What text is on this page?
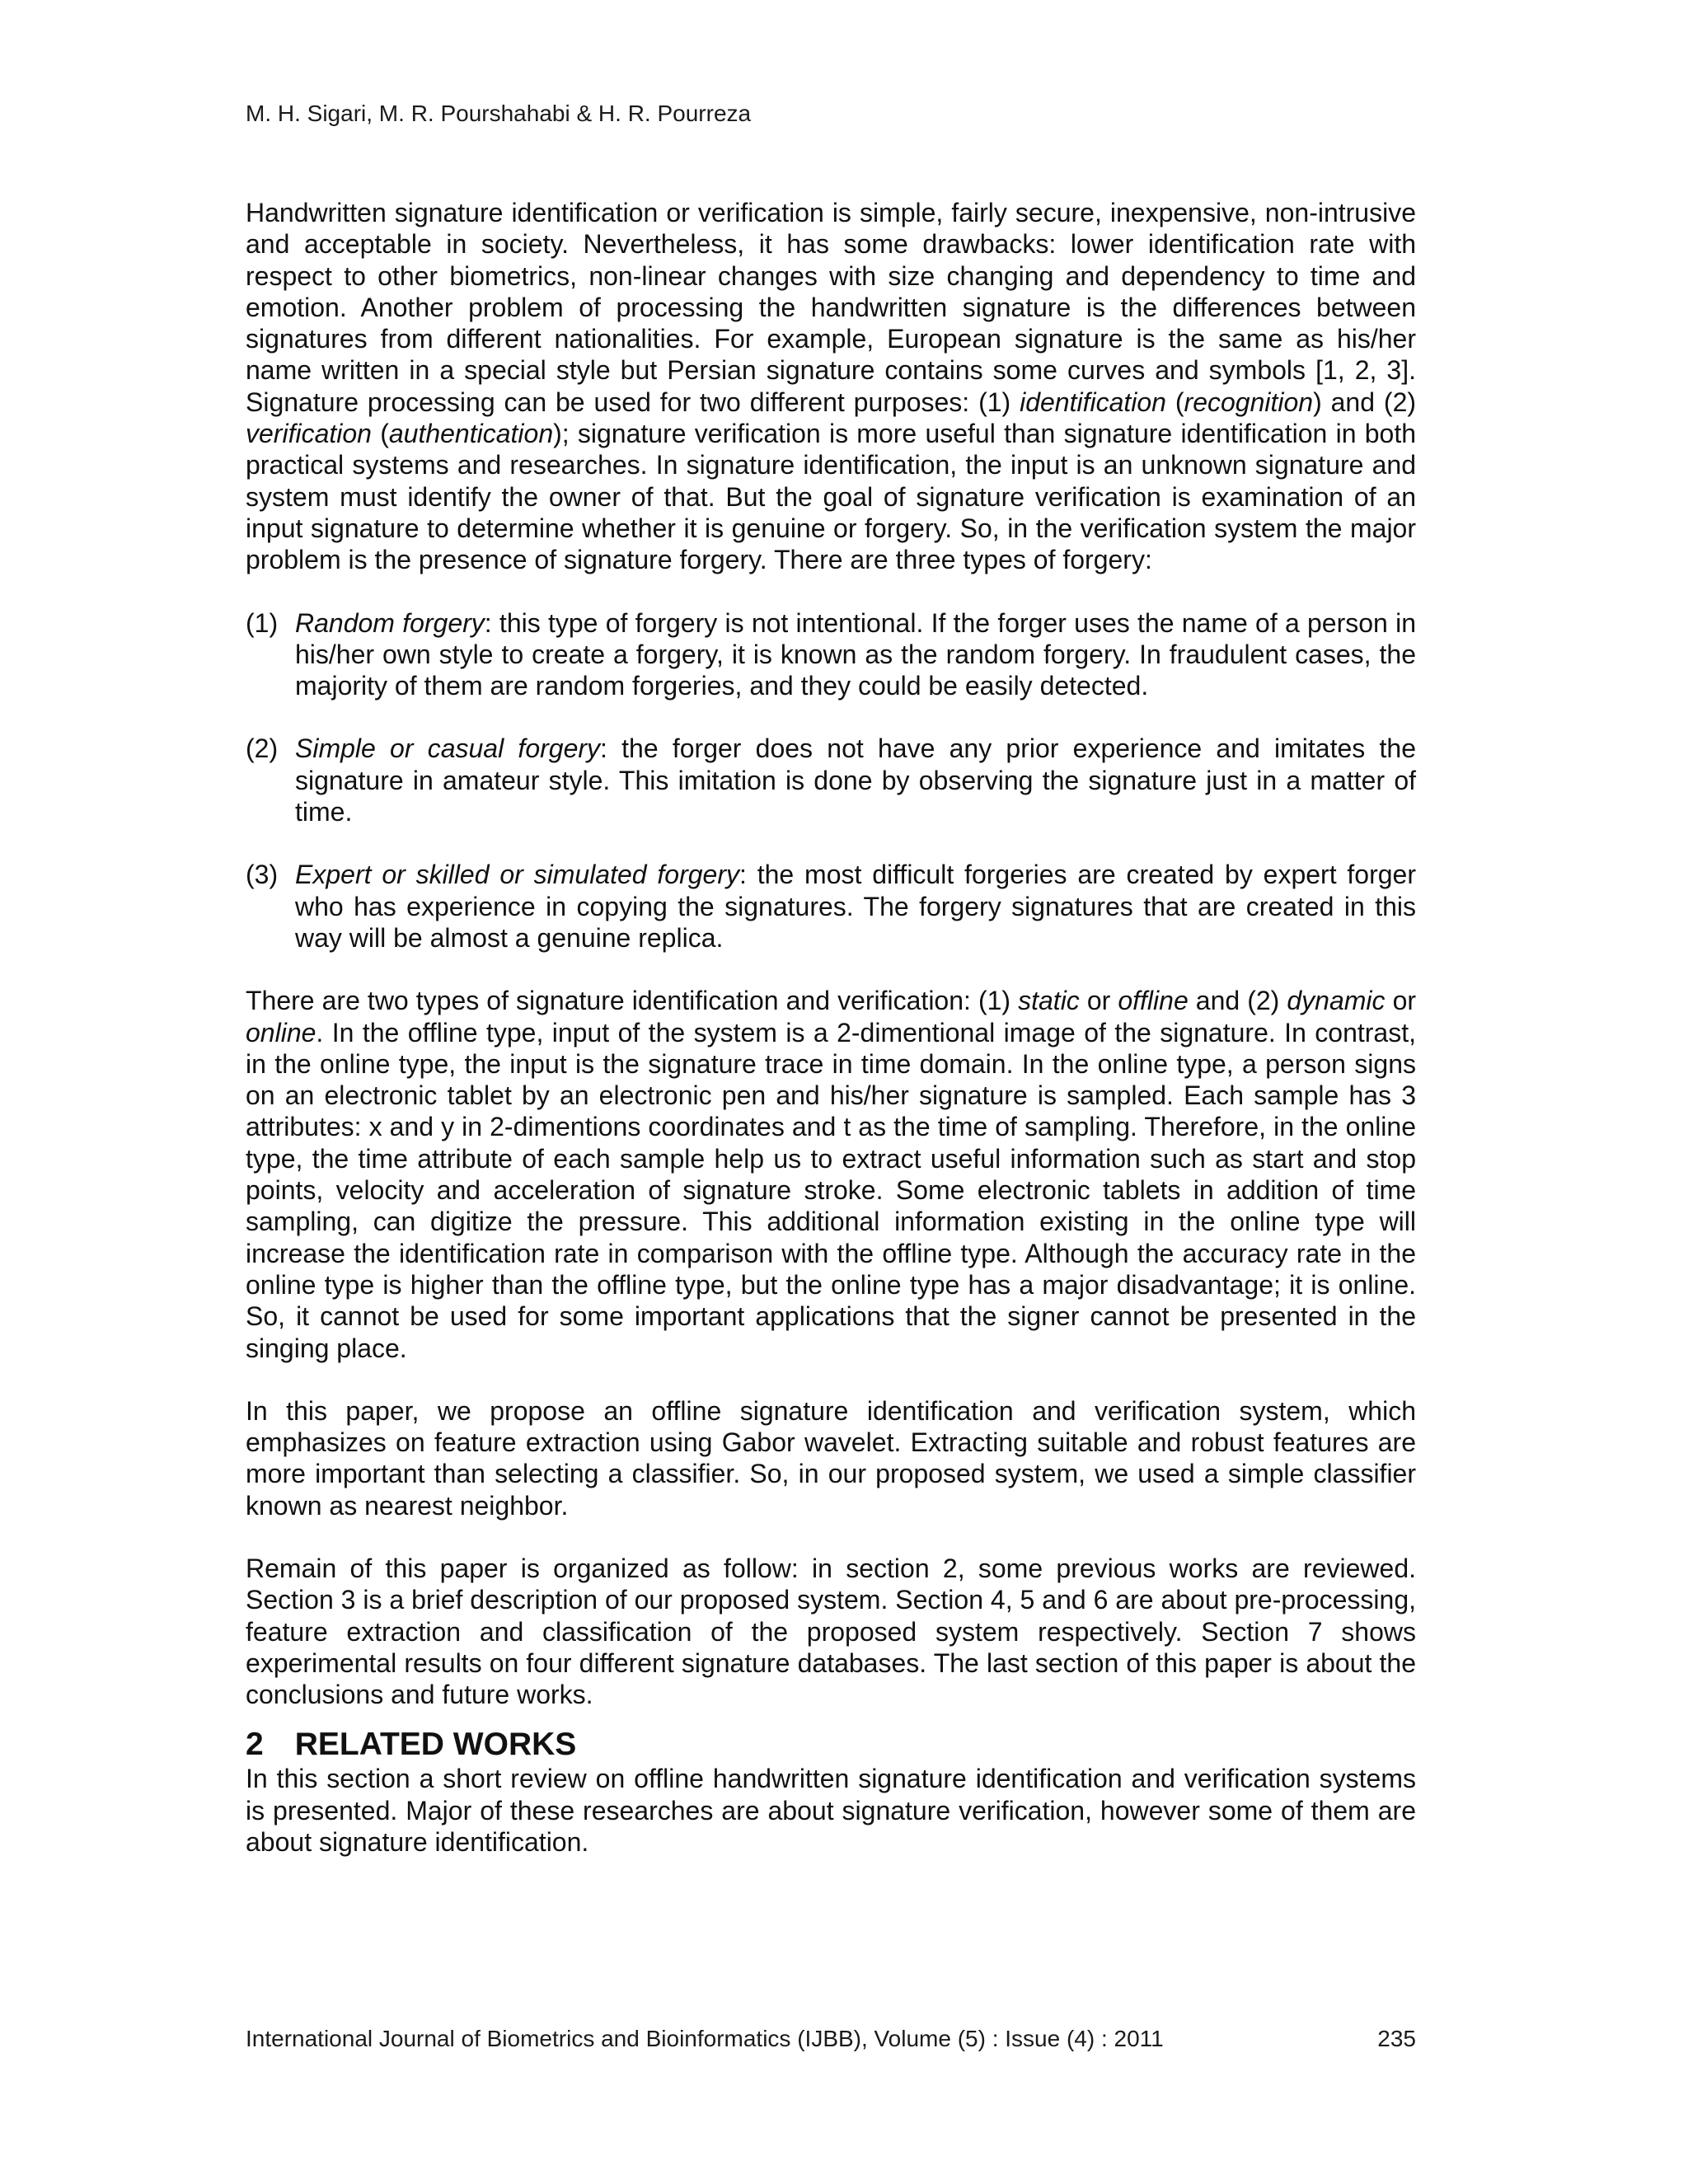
M. H. Sigari, M. R. Pourshahabi & H. R. Pourreza

Handwritten signature identification or verification is simple, fairly secure, inexpensive, non-intrusive and acceptable in society. Nevertheless, it has some drawbacks: lower identification rate with respect to other biometrics, non-linear changes with size changing and dependency to time and emotion. Another problem of processing the handwritten signature is the differences between signatures from different nationalities. For example, European signature is the same as his/her name written in a special style but Persian signature contains some curves and symbols [1, 2, 3]. Signature processing can be used for two different purposes: (1) identification (recognition) and (2) verification (authentication); signature verification is more useful than signature identification in both practical systems and researches. In signature identification, the input is an unknown signature and system must identify the owner of that. But the goal of signature verification is examination of an input signature to determine whether it is genuine or forgery. So, in the verification system the major problem is the presence of signature forgery. There are three types of forgery:

(1) Random forgery: this type of forgery is not intentional. If the forger uses the name of a person in his/her own style to create a forgery, it is known as the random forgery. In fraudulent cases, the majority of them are random forgeries, and they could be easily detected.

(2) Simple or casual forgery: the forger does not have any prior experience and imitates the signature in amateur style. This imitation is done by observing the signature just in a matter of time.

(3) Expert or skilled or simulated forgery: the most difficult forgeries are created by expert forger who has experience in copying the signatures. The forgery signatures that are created in this way will be almost a genuine replica.

There are two types of signature identification and verification: (1) static or offline and (2) dynamic or online. In the offline type, input of the system is a 2-dimentional image of the signature. In contrast, in the online type, the input is the signature trace in time domain. In the online type, a person signs on an electronic tablet by an electronic pen and his/her signature is sampled. Each sample has 3 attributes: x and y in 2-dimentions coordinates and t as the time of sampling. Therefore, in the online type, the time attribute of each sample help us to extract useful information such as start and stop points, velocity and acceleration of signature stroke. Some electronic tablets in addition of time sampling, can digitize the pressure. This additional information existing in the online type will increase the identification rate in comparison with the offline type. Although the accuracy rate in the online type is higher than the offline type, but the online type has a major disadvantage; it is online. So, it cannot be used for some important applications that the signer cannot be presented in the singing place.

In this paper, we propose an offline signature identification and verification system, which emphasizes on feature extraction using Gabor wavelet. Extracting suitable and robust features are more important than selecting a classifier. So, in our proposed system, we used a simple classifier known as nearest neighbor.

Remain of this paper is organized as follow: in section 2, some previous works are reviewed. Section 3 is a brief description of our proposed system. Section 4, 5 and 6 are about pre-processing, feature extraction and classification of the proposed system respectively. Section 7 shows experimental results on four different signature databases. The last section of this paper is about the conclusions and future works.

2 RELATED WORKS

In this section a short review on offline handwritten signature identification and verification systems is presented. Major of these researches are about signature verification, however some of them are about signature identification.

International Journal of Biometrics and Bioinformatics (IJBB), Volume (5) : Issue (4) : 2011	235
